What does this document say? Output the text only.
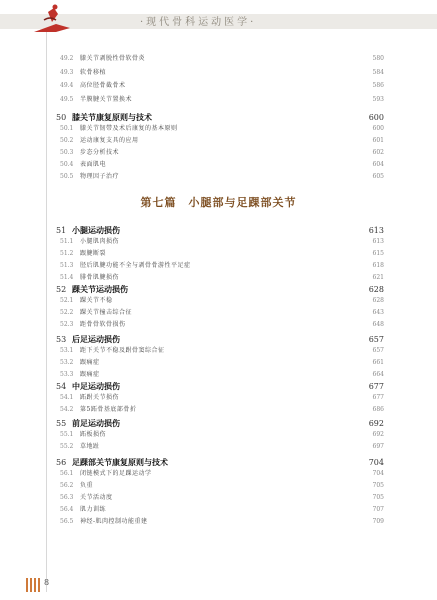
·现代骨科运动医学·
49.2 膝关节剥脱性骨软骨炎	580
49.3 软骨移植	584
49.4 高位胫骨截骨术	586
49.5 半膜腱关节置换术	593
50 膝关节康复原则与技术	600
50.1 膝关节韧带及术后康复的基本原则	600
50.2 运动康复支具的应用	601
50.3 步态分析技术	602
50.4 表面肌电	604
50.5 物理因子治疗	605
51 小腿运动损伤	613
51.1 小腿肌肉损伤	613
51.2 跟腱断裂	615
51.3 胫后肌腱功能不全与剥骨骨游性平足症	618
51.4 腓骨肌腱损伤	621
52 踝关节运动损伤	628
52.1 踝关节不稳	628
52.2 踝关节撞击综合征	643
52.3 距骨骨软骨损伤	648
53 后足运动损伤	657
53.1 距下关节不稳及跗骨窦综合征	657
53.2 跟痛症	661
53.3 跟痛症	664
54 中足运动损伤	677
54.1 跖跗关节损伤	677
54.2 第5跖骨基底部骨折	686
55 前足运动损伤	692
55.1 跖板损伤	692
55.2 草地趾	697
56 足踝部关节康复原则与技术	704
56.1 闭链模式下的足踝运动学	704
56.2 负重	705
56.3 关节活动度	705
56.4 肌力训练	707
56.5 神经-肌肉控制功能重建	709
第七篇　小腿部与足踝部关节
8
